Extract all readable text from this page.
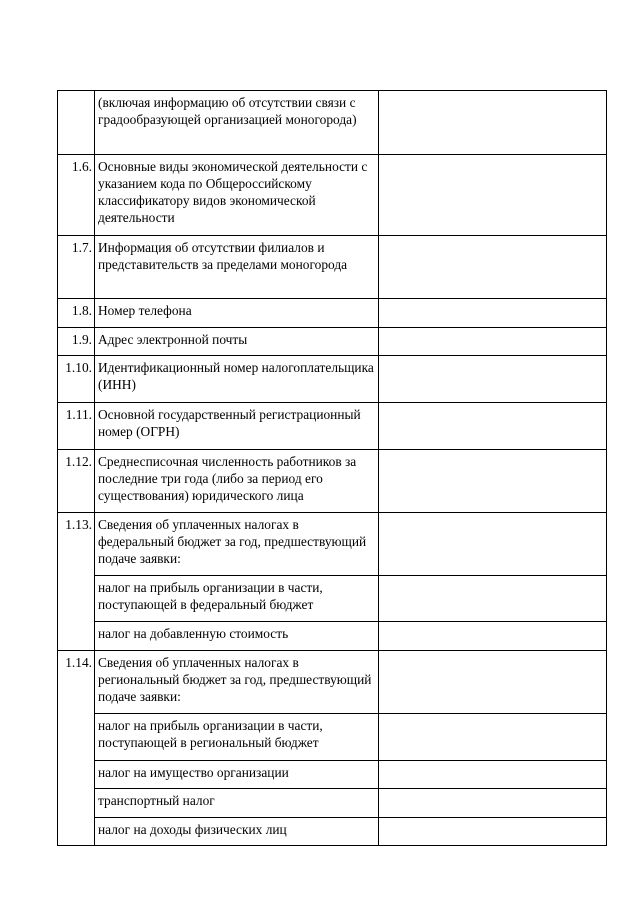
	(включая информацию об отсутствии связи с градообразующей организацией моногорода)	
1.6.	Основные виды экономической деятельности с указанием кода по Общероссийскому классификатору видов экономической деятельности	
1.7.	Информация об отсутствии филиалов и представительств за пределами моногорода	
1.8.	Номер телефона	
1.9.	Адрес электронной почты	
1.10.	Идентификационный номер налогоплательщика (ИНН)	
1.11.	Основной государственный регистрационный номер (ОГРН)	
1.12.	Среднесписочная численность работников за последние три года (либо за период его существования) юридического лица	
1.13.	Сведения об уплаченных налогах в федеральный бюджет за год, предшествующий подаче заявки:	
	налог на прибыль организации в части, поступающей в федеральный бюджет	
	налог на добавленную стоимость	
1.14.	Сведения об уплаченных налогах в региональный бюджет за год, предшествующий подаче заявки:	
	налог на прибыль организации в части, поступающей в региональный бюджет	
	налог на имущество организации	
	транспортный налог	
	налог на доходы физических лиц	
